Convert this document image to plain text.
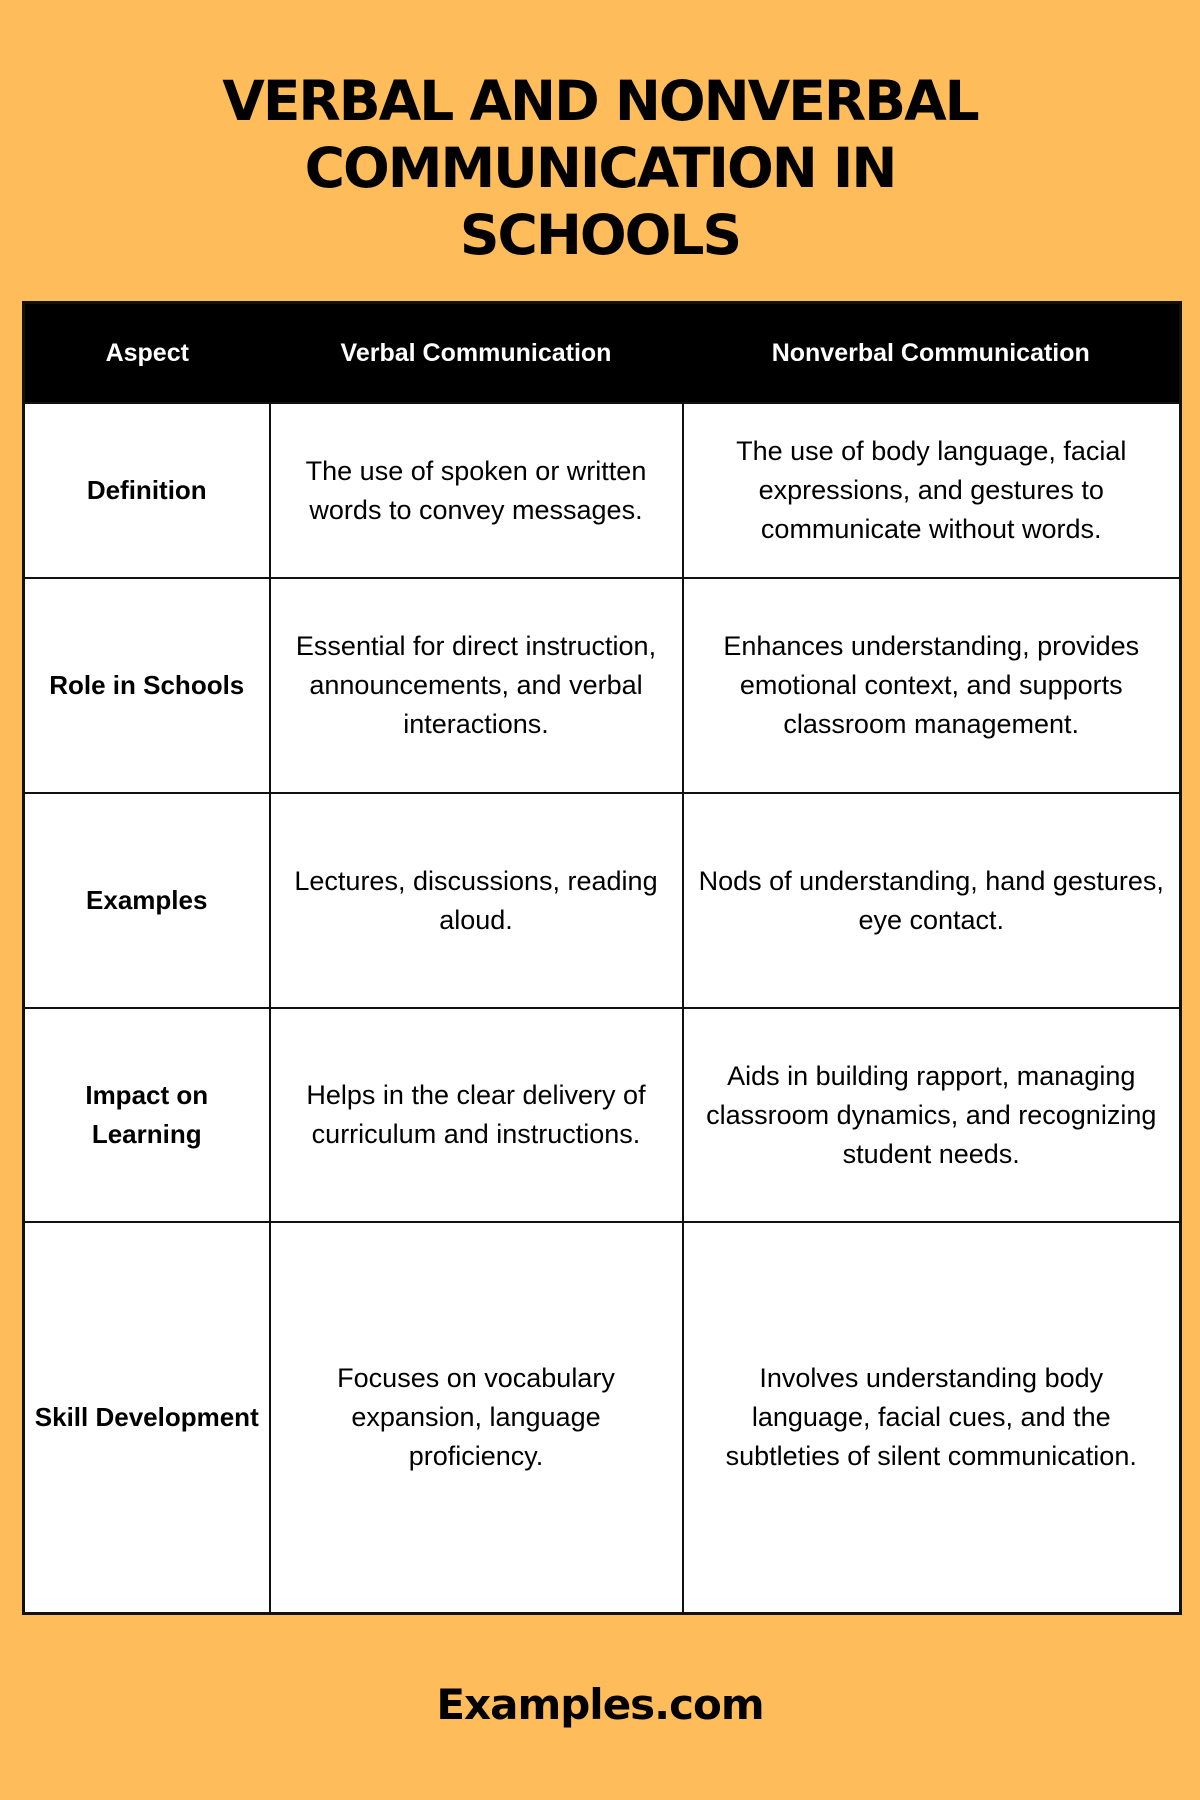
VERBAL AND NONVERBAL
COMMUNICATION IN
SCHOOLS
Aspect	Verbal Communication	Nonverbal Communication
Definition	The use of spoken or written words to convey messages.	The use of body language, facial expressions, and gestures to communicate without words.
Role in Schools	Essential for direct instruction, announcements, and verbal interactions.	Enhances understanding, provides emotional context, and supports classroom management.
Examples	Lectures, discussions, reading aloud.	Nods of understanding, hand gestures, eye contact.
Impact on Learning	Helps in the clear delivery of curriculum and instructions.	Aids in building rapport, managing classroom dynamics, and recognizing student needs.
Skill Development	Focuses on vocabulary expansion, language proficiency.	Involves understanding body language, facial cues, and the subtleties of silent communication.
Examples.com
